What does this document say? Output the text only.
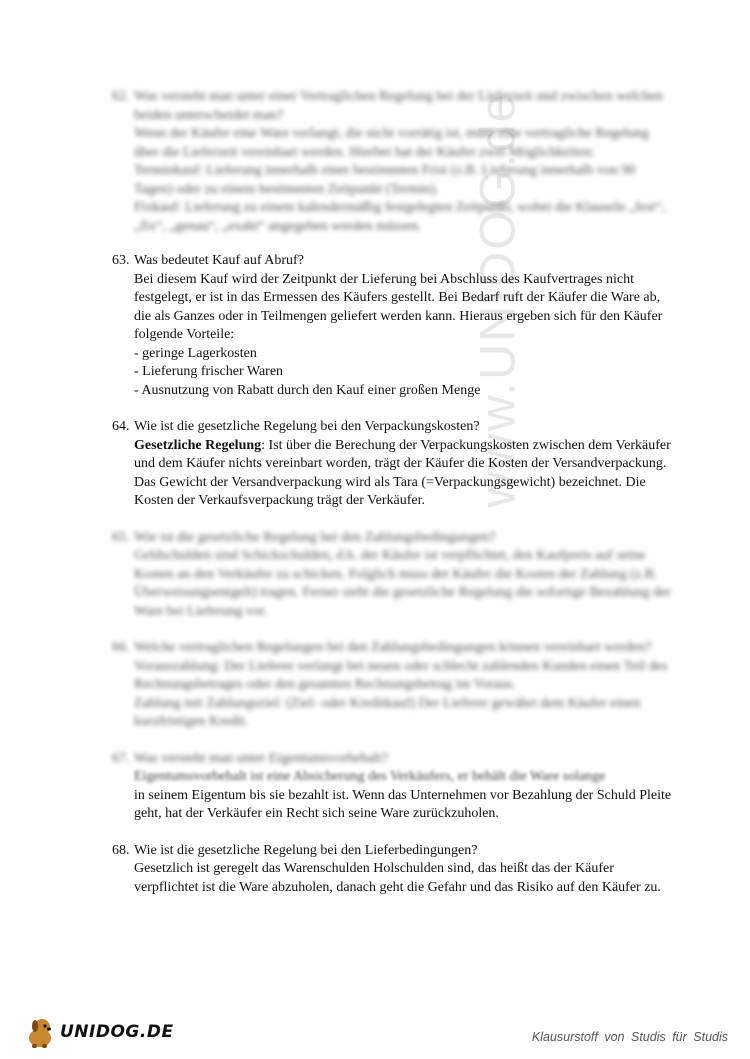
www.UNIDOG.de
62. Was versteht man unter einer Vertraglichen Regelung bei der Lieferzeit und zwischen welchen beiden unterscheidet man?
Wenn der Käufer eine Ware verlangt, die nicht vorrätig ist, muss eine vertragliche Regelung über die Lieferzeit vereinbart werden. Hierbei hat der Käufer zwei Möglichkeiten:
Terminkauf: Lieferung innerhalb einer bestimmten Frist (z.B. Lieferung innerhalb von 90 Tagen) oder zu einem bestimmten Zeitpunkt (Termin).
Fixkauf: Lieferung zu einem kalendermäßig festgelegten Zeitpunkt, wobei die Klauseln „fest“, „fix“, „genau“, „exakt“ angegeben werden müssen.
63. Was bedeutet Kauf auf Abruf?
Bei diesem Kauf wird der Zeitpunkt der Lieferung bei Abschluss des Kaufvertrages nicht festgelegt, er ist in das Ermessen des Käufers gestellt. Bei Bedarf ruft der Käufer die Ware ab, die als Ganzes oder in Teilmengen geliefert werden kann. Hieraus ergeben sich für den Käufer folgende Vorteile:
- geringe Lagerkosten
- Lieferung frischer Waren
- Ausnutzung von Rabatt durch den Kauf einer großen Menge
64. Wie ist die gesetzliche Regelung bei den Verpackungskosten?
Gesetzliche Regelung: Ist über die Berechung der Verpackungskosten zwischen dem Verkäufer und dem Käufer nichts vereinbart worden, trägt der Käufer die Kosten der Versandverpackung. Das Gewicht der Versandverpackung wird als Tara (=Verpackungsgewicht) bezeichnet. Die Kosten der Verkaufsverpackung trägt der Verkäufer.
65. Wie ist die gesetzliche Regelung bei den Zahlungsbedingungen?
Geldschulden sind Schickschulden, d.h. der Käufer ist verpflichtet, den Kaufpreis auf seine Kosten an den Verkäufer zu schicken. Folglich muss der Käufer die Kosten der Zahlung (z.B. Überweisungsentgelt) tragen. Ferner sieht die gesetzliche Regelung die sofortige Bezahlung der Ware bei Lieferung vor.
66. Welche vertraglichen Regelungen bei den Zahlungsbedingungen können vereinbart werden?
Vorauszahlung: Der Lieferer verlangt bei neuen oder schlecht zahlenden Kunden einen Teil des Rechnungsbetrages oder den gesamten Rechnungsbetrag im Voraus.
Zahlung mit Zahlungsziel: (Ziel- oder Kreditkauf) Der Lieferer gewährt dem Käufer einen kurzfristigen Kredit.
67. Was versteht man unter Eigentumsvorbehalt?
Eigentumsvorbehalt ist eine Absicherung des Verkäufers, er behält die Ware solange
in seinem Eigentum bis sie bezahlt ist. Wenn das Unternehmen vor Bezahlung der Schuld Pleite geht, hat der Verkäufer ein Recht sich seine Ware zurückzuholen.
68. Wie ist die gesetzliche Regelung bei den Lieferbedingungen?
Gesetzlich ist geregelt das Warenschulden Holschulden sind, das heißt das der Käufer verpflichtet ist die Ware abzuholen, danach geht die Gefahr und das Risiko auf den Käufer zu.
UNIDOG.DE	Klausurstoff von Studis für Studis
